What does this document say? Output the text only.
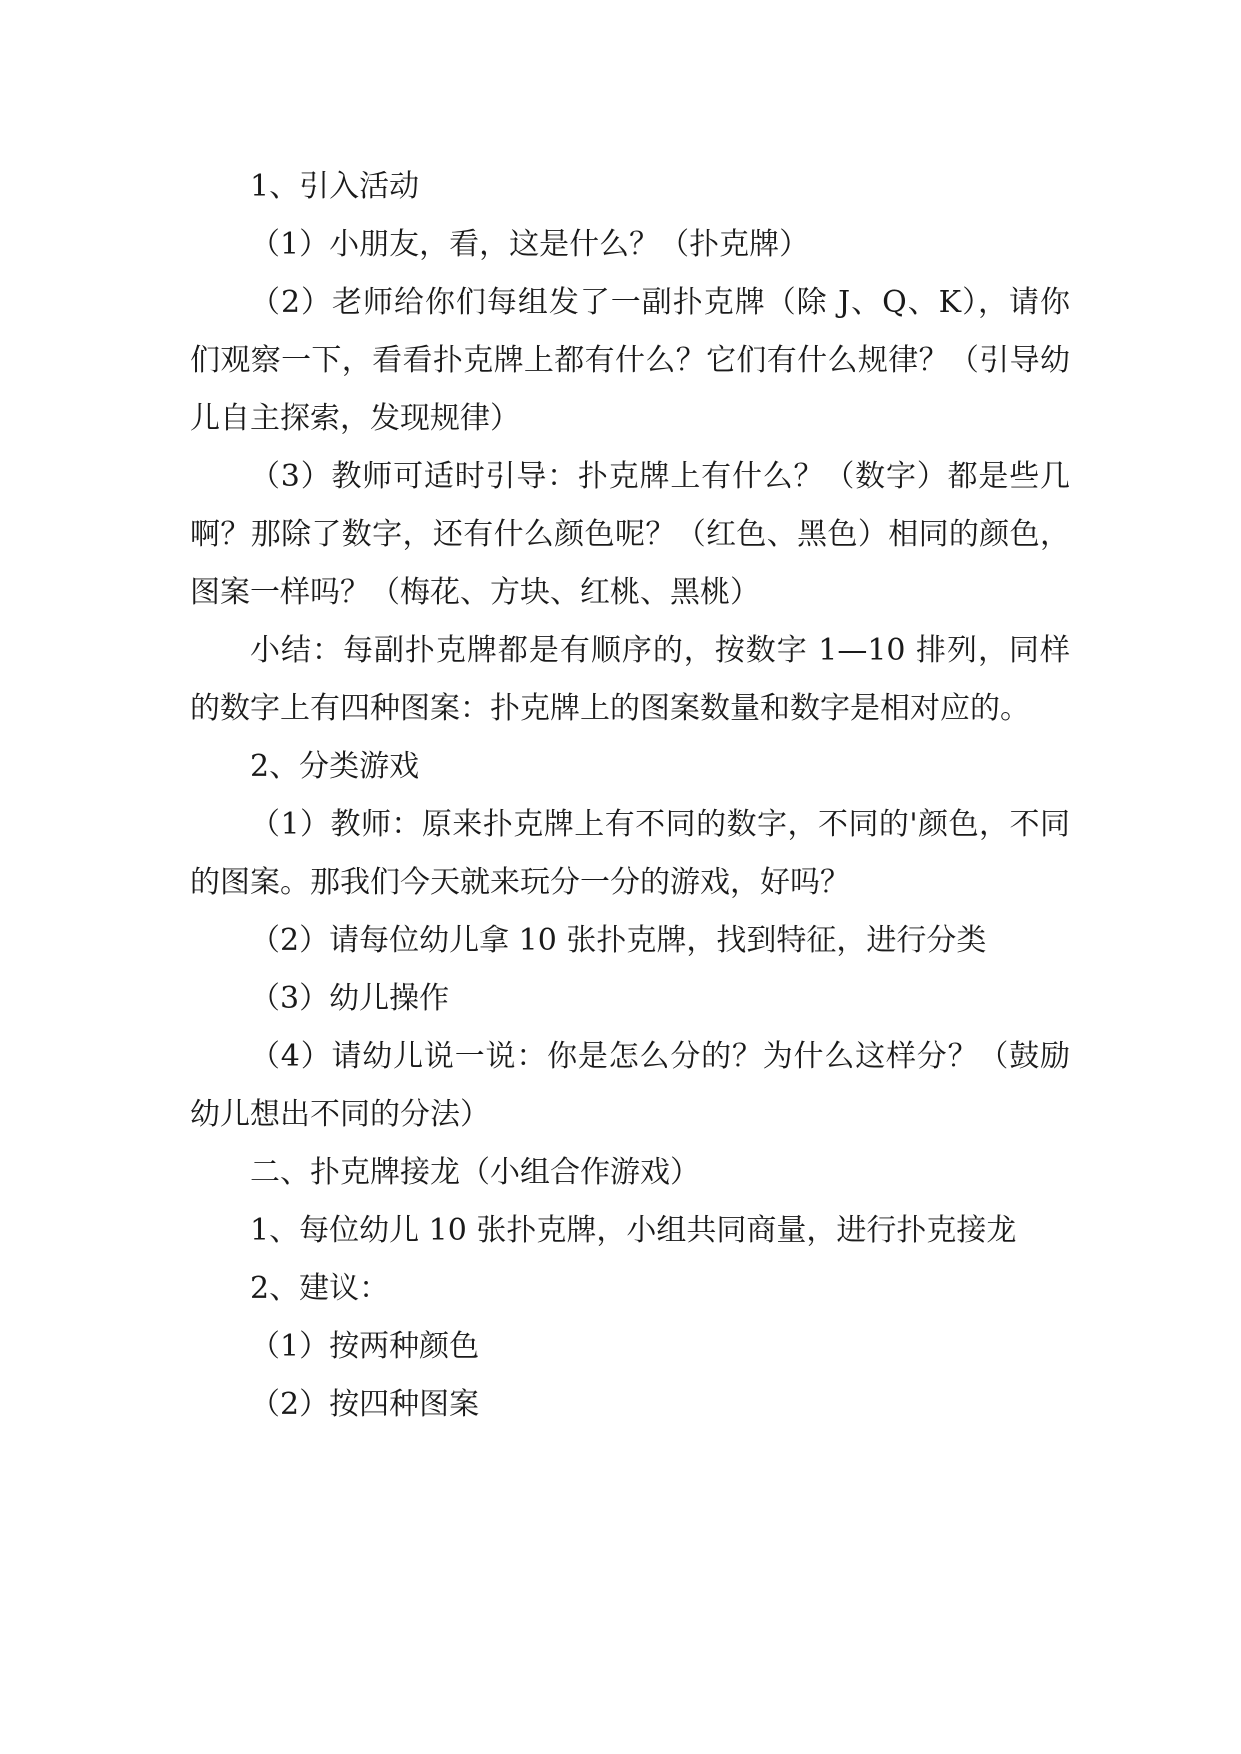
1、引入活动

（1）小朋友，看，这是什么？（扑克牌）

（2）老师给你们每组发了一副扑克牌（除 J、Q、K），请你们观察一下，看看扑克牌上都有什么？它们有什么规律？（引导幼儿自主探索，发现规律）

（3）教师可适时引导：扑克牌上有什么？（数字）都是些几啊？那除了数字，还有什么颜色呢？（红色、黑色）相同的颜色，图案一样吗？（梅花、方块、红桃、黑桃）

小结：每副扑克牌都是有顺序的，按数字 1—10 排列，同样的数字上有四种图案：扑克牌上的图案数量和数字是相对应的。

2、分类游戏

（1）教师：原来扑克牌上有不同的数字，不同的'颜色，不同的图案。那我们今天就来玩分一分的游戏，好吗？

（2）请每位幼儿拿 10 张扑克牌，找到特征，进行分类

（3）幼儿操作

（4）请幼儿说一说：你是怎么分的？为什么这样分？（鼓励幼儿想出不同的分法）

二、扑克牌接龙（小组合作游戏）

1、每位幼儿 10 张扑克牌，小组共同商量，进行扑克接龙

2、建议：

（1）按两种颜色

（2）按四种图案
